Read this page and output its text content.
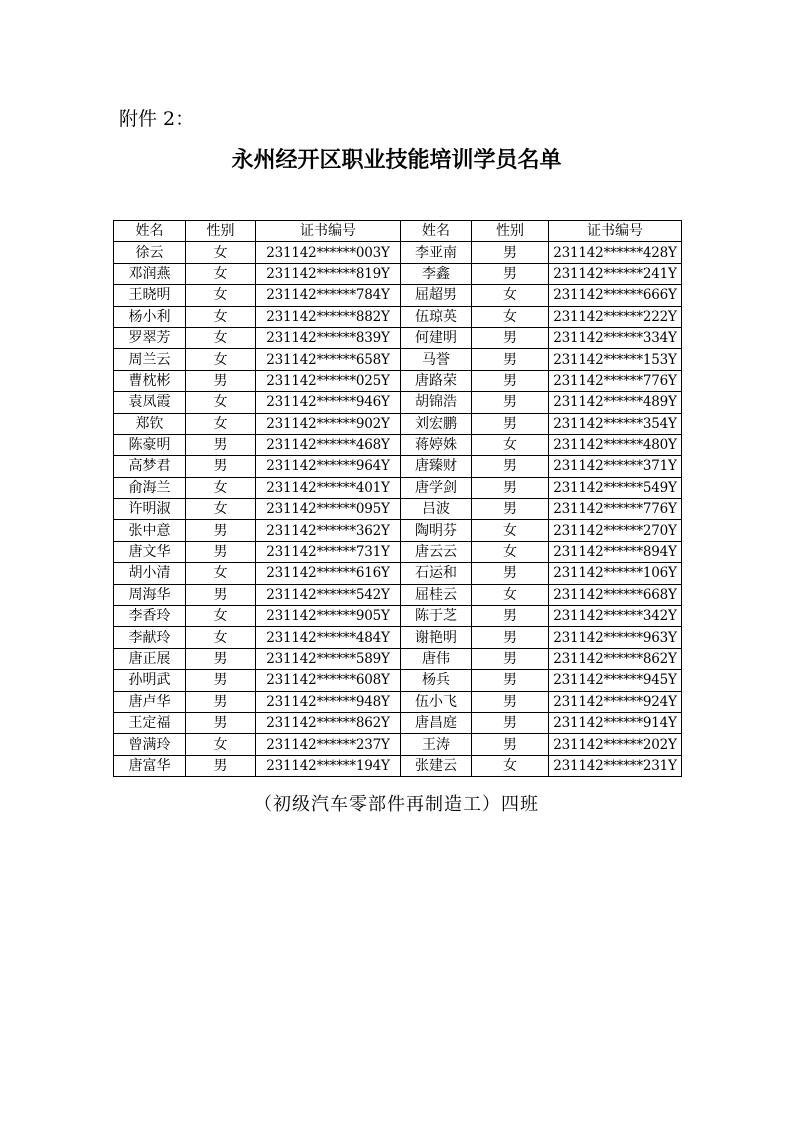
附件 2：
永州经开区职业技能培训学员名单
姓名	性别	证书编号	姓名	性别	证书编号
徐云	女	231142******003Y	李亚南	男	231142******428Y
邓润燕	女	231142******819Y	李鑫	男	231142******241Y
王晓明	女	231142******784Y	屈超男	女	231142******666Y
杨小利	女	231142******882Y	伍琼英	女	231142******222Y
罗翠芳	女	231142******839Y	何建明	男	231142******334Y
周兰云	女	231142******658Y	马誉	男	231142******153Y
曹枕彬	男	231142******025Y	唐路荣	男	231142******776Y
袁凤霞	女	231142******946Y	胡锦浩	男	231142******489Y
郑钦	女	231142******902Y	刘宏鹏	男	231142******354Y
陈豪明	男	231142******468Y	蒋婷姝	女	231142******480Y
高梦君	男	231142******964Y	唐臻财	男	231142******371Y
俞海兰	女	231142******401Y	唐学剑	男	231142******549Y
许明淑	女	231142******095Y	吕波	男	231142******776Y
张中意	男	231142******362Y	陶明芬	女	231142******270Y
唐文华	男	231142******731Y	唐云云	女	231142******894Y
胡小清	女	231142******616Y	石运和	男	231142******106Y
周海华	男	231142******542Y	屈桂云	女	231142******668Y
李香玲	女	231142******905Y	陈于芝	男	231142******342Y
李献玲	女	231142******484Y	谢艳明	男	231142******963Y
唐正展	男	231142******589Y	唐伟	男	231142******862Y
孙明武	男	231142******608Y	杨兵	男	231142******945Y
唐卢华	男	231142******948Y	伍小飞	男	231142******924Y
王定福	男	231142******862Y	唐昌庭	男	231142******914Y
曾满玲	女	231142******237Y	王涛	男	231142******202Y
唐富华	男	231142******194Y	张建云	女	231142******231Y
（初级汽车零部件再制造工）四班
